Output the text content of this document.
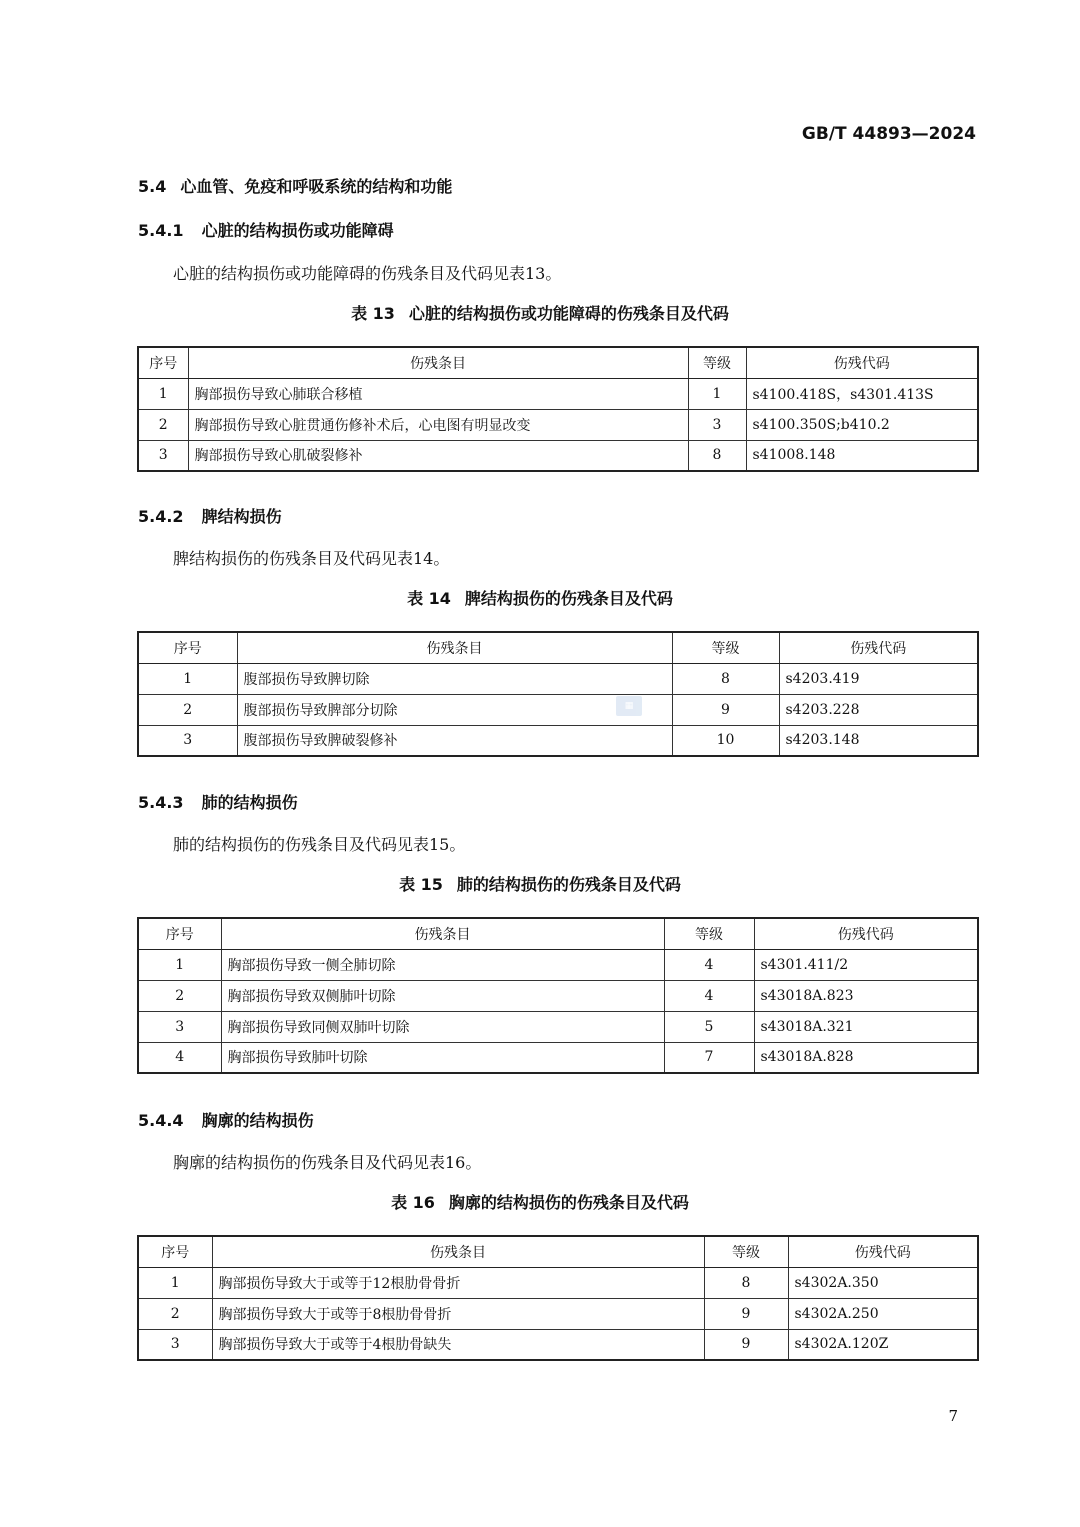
GB/T 44893—2024
5.4 心血管、免疫和呼吸系统的结构和功能
5.4.1 心脏的结构损伤或功能障碍
心脏的结构损伤或功能障碍的伤残条目及代码见表13。
表 13 心脏的结构损伤或功能障碍的伤残条目及代码
序号	伤残条目	等级	伤残代码
1	胸部损伤导致心肺联合移植	1	s4100.418S，s4301.413S
2	胸部损伤导致心脏贯通伤修补术后，心电图有明显改变	3	s4100.350S;b410.2
3	胸部损伤导致心肌破裂修补	8	s41008.148
5.4.2 脾结构损伤
脾结构损伤的伤残条目及代码见表14。
表 14 脾结构损伤的伤残条目及代码
序号	伤残条目	等级	伤残代码
1	腹部损伤导致脾切除	8	s4203.419
2	腹部损伤导致脾部分切除	9	s4203.228
3	腹部损伤导致脾破裂修补	10	s4203.148
▦
5.4.3 肺的结构损伤
肺的结构损伤的伤残条目及代码见表15。
表 15 肺的结构损伤的伤残条目及代码
序号	伤残条目	等级	伤残代码
1	胸部损伤导致一侧全肺切除	4	s4301.411/2
2	胸部损伤导致双侧肺叶切除	4	s43018A.823
3	胸部损伤导致同侧双肺叶切除	5	s43018A.321
4	胸部损伤导致肺叶切除	7	s43018A.828
5.4.4 胸廓的结构损伤
胸廓的结构损伤的伤残条目及代码见表16。
表 16 胸廓的结构损伤的伤残条目及代码
序号	伤残条目	等级	伤残代码
1	胸部损伤导致大于或等于12根肋骨骨折	8	s4302A.350
2	胸部损伤导致大于或等于8根肋骨骨折	9	s4302A.250
3	胸部损伤导致大于或等于4根肋骨缺失	9	s4302A.120Z
7
